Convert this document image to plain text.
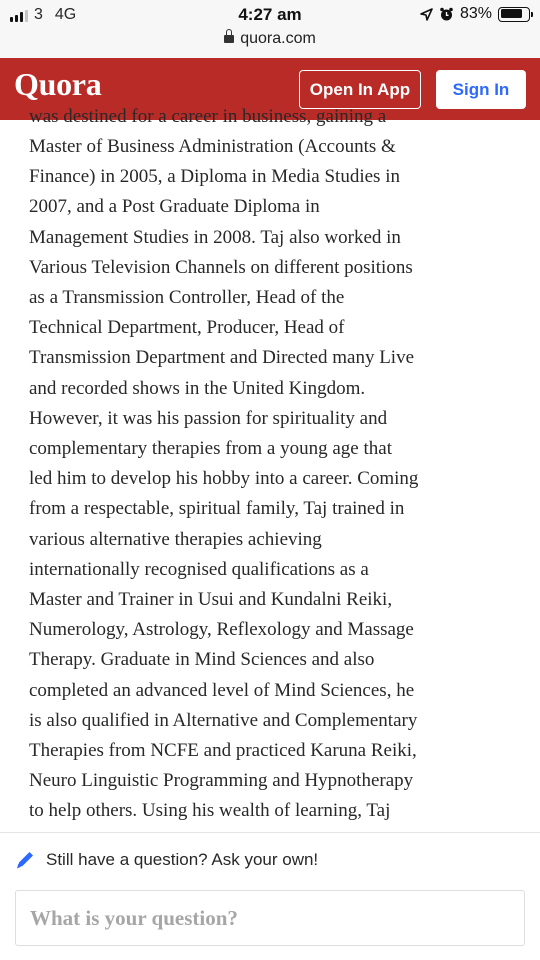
3 4G	4:27 am	83%
quora.com
Quora	Open In App	Sign In
was destined for a career in business, gaining a

Master of Business Administration (Accounts &
Finance) in 2005, a Diploma in Media Studies in
2007, and a Post Graduate Diploma in
Management Studies in 2008. Taj also worked in
Various Television Channels on different positions
as a Transmission Controller, Head of the
Technical Department, Producer, Head of
Transmission Department and Directed many Live
and recorded shows in the United Kingdom.
However, it was his passion for spirituality and
complementary therapies from a young age that
led him to develop his hobby into a career. Coming
from a respectable, spiritual family, Taj trained in
various alternative therapies achieving
internationally recognised qualifications as a
Master and Trainer in Usui and Kundalni Reiki,
Numerology, Astrology, Reflexology and Massage
Therapy. Graduate in Mind Sciences and also
completed an advanced level of Mind Sciences, he
is also qualified in Alternative and Complementary
Therapies from NCFE and practiced Karuna Reiki,
Neuro Linguistic Programming and Hypnotherapy
to help others. Using his wealth of learning, Taj

Still have a question? Ask your own!
What is your question?
